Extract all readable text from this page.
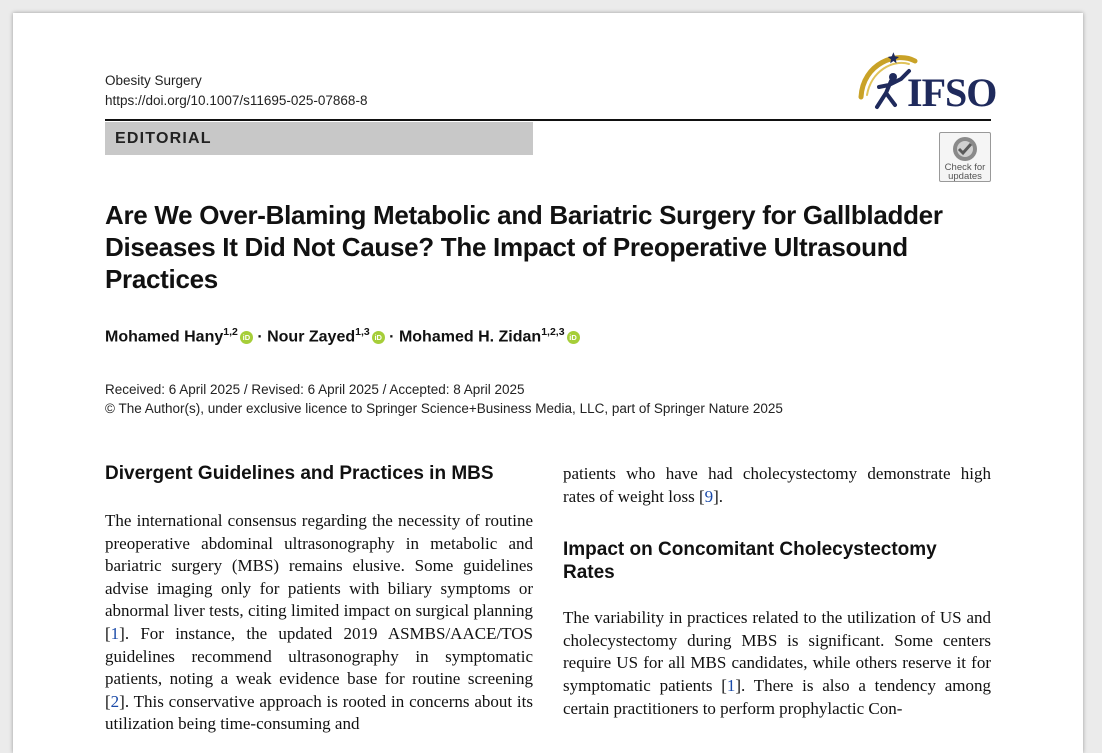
Obesity Surgery
https://doi.org/10.1007/s11695-025-07868-8	IFSO
EDITORIAL
Check for
updates
Are We Over-Blaming Metabolic and Bariatric Surgery for Gallbladder Diseases It Did Not Cause? The Impact of Preoperative Ultrasound Practices
Mohamed Hany$^{1,2}$ iD · Nour Zayed$^{1,3}$ iD · Mohamed H. Zidan$^{1,2,3}$ iD
Received: 6 April 2025 / Revised: 6 April 2025 / Accepted: 8 April 2025
© The Author(s), under exclusive licence to Springer Science+Business Media, LLC, part of Springer Nature 2025
Divergent Guidelines and Practices in MBS

The international consensus regarding the necessity of routine preoperative abdominal ultrasonography in metabolic and bariatric surgery (MBS) remains elusive. Some guidelines advise imaging only for patients with biliary symptoms or abnormal liver tests, citing limited impact on surgical planning [1]. For instance, the updated 2019 ASMBS/AACE/TOS guidelines recommend ultrasonography in symptomatic patients, noting a weak evidence base for routine screening [2]. This conservative approach is rooted in concerns about its utilization being time-consuming and

patients who have had cholecystectomy demonstrate high rates of weight loss [9].

Impact on Concomitant Cholecystectomy Rates

The variability in practices related to the utilization of US and cholecystectomy during MBS is significant. Some centers require US for all MBS candidates, while others reserve it for symptomatic patients [1]. There is also a tendency among certain practitioners to perform prophylactic Con-
